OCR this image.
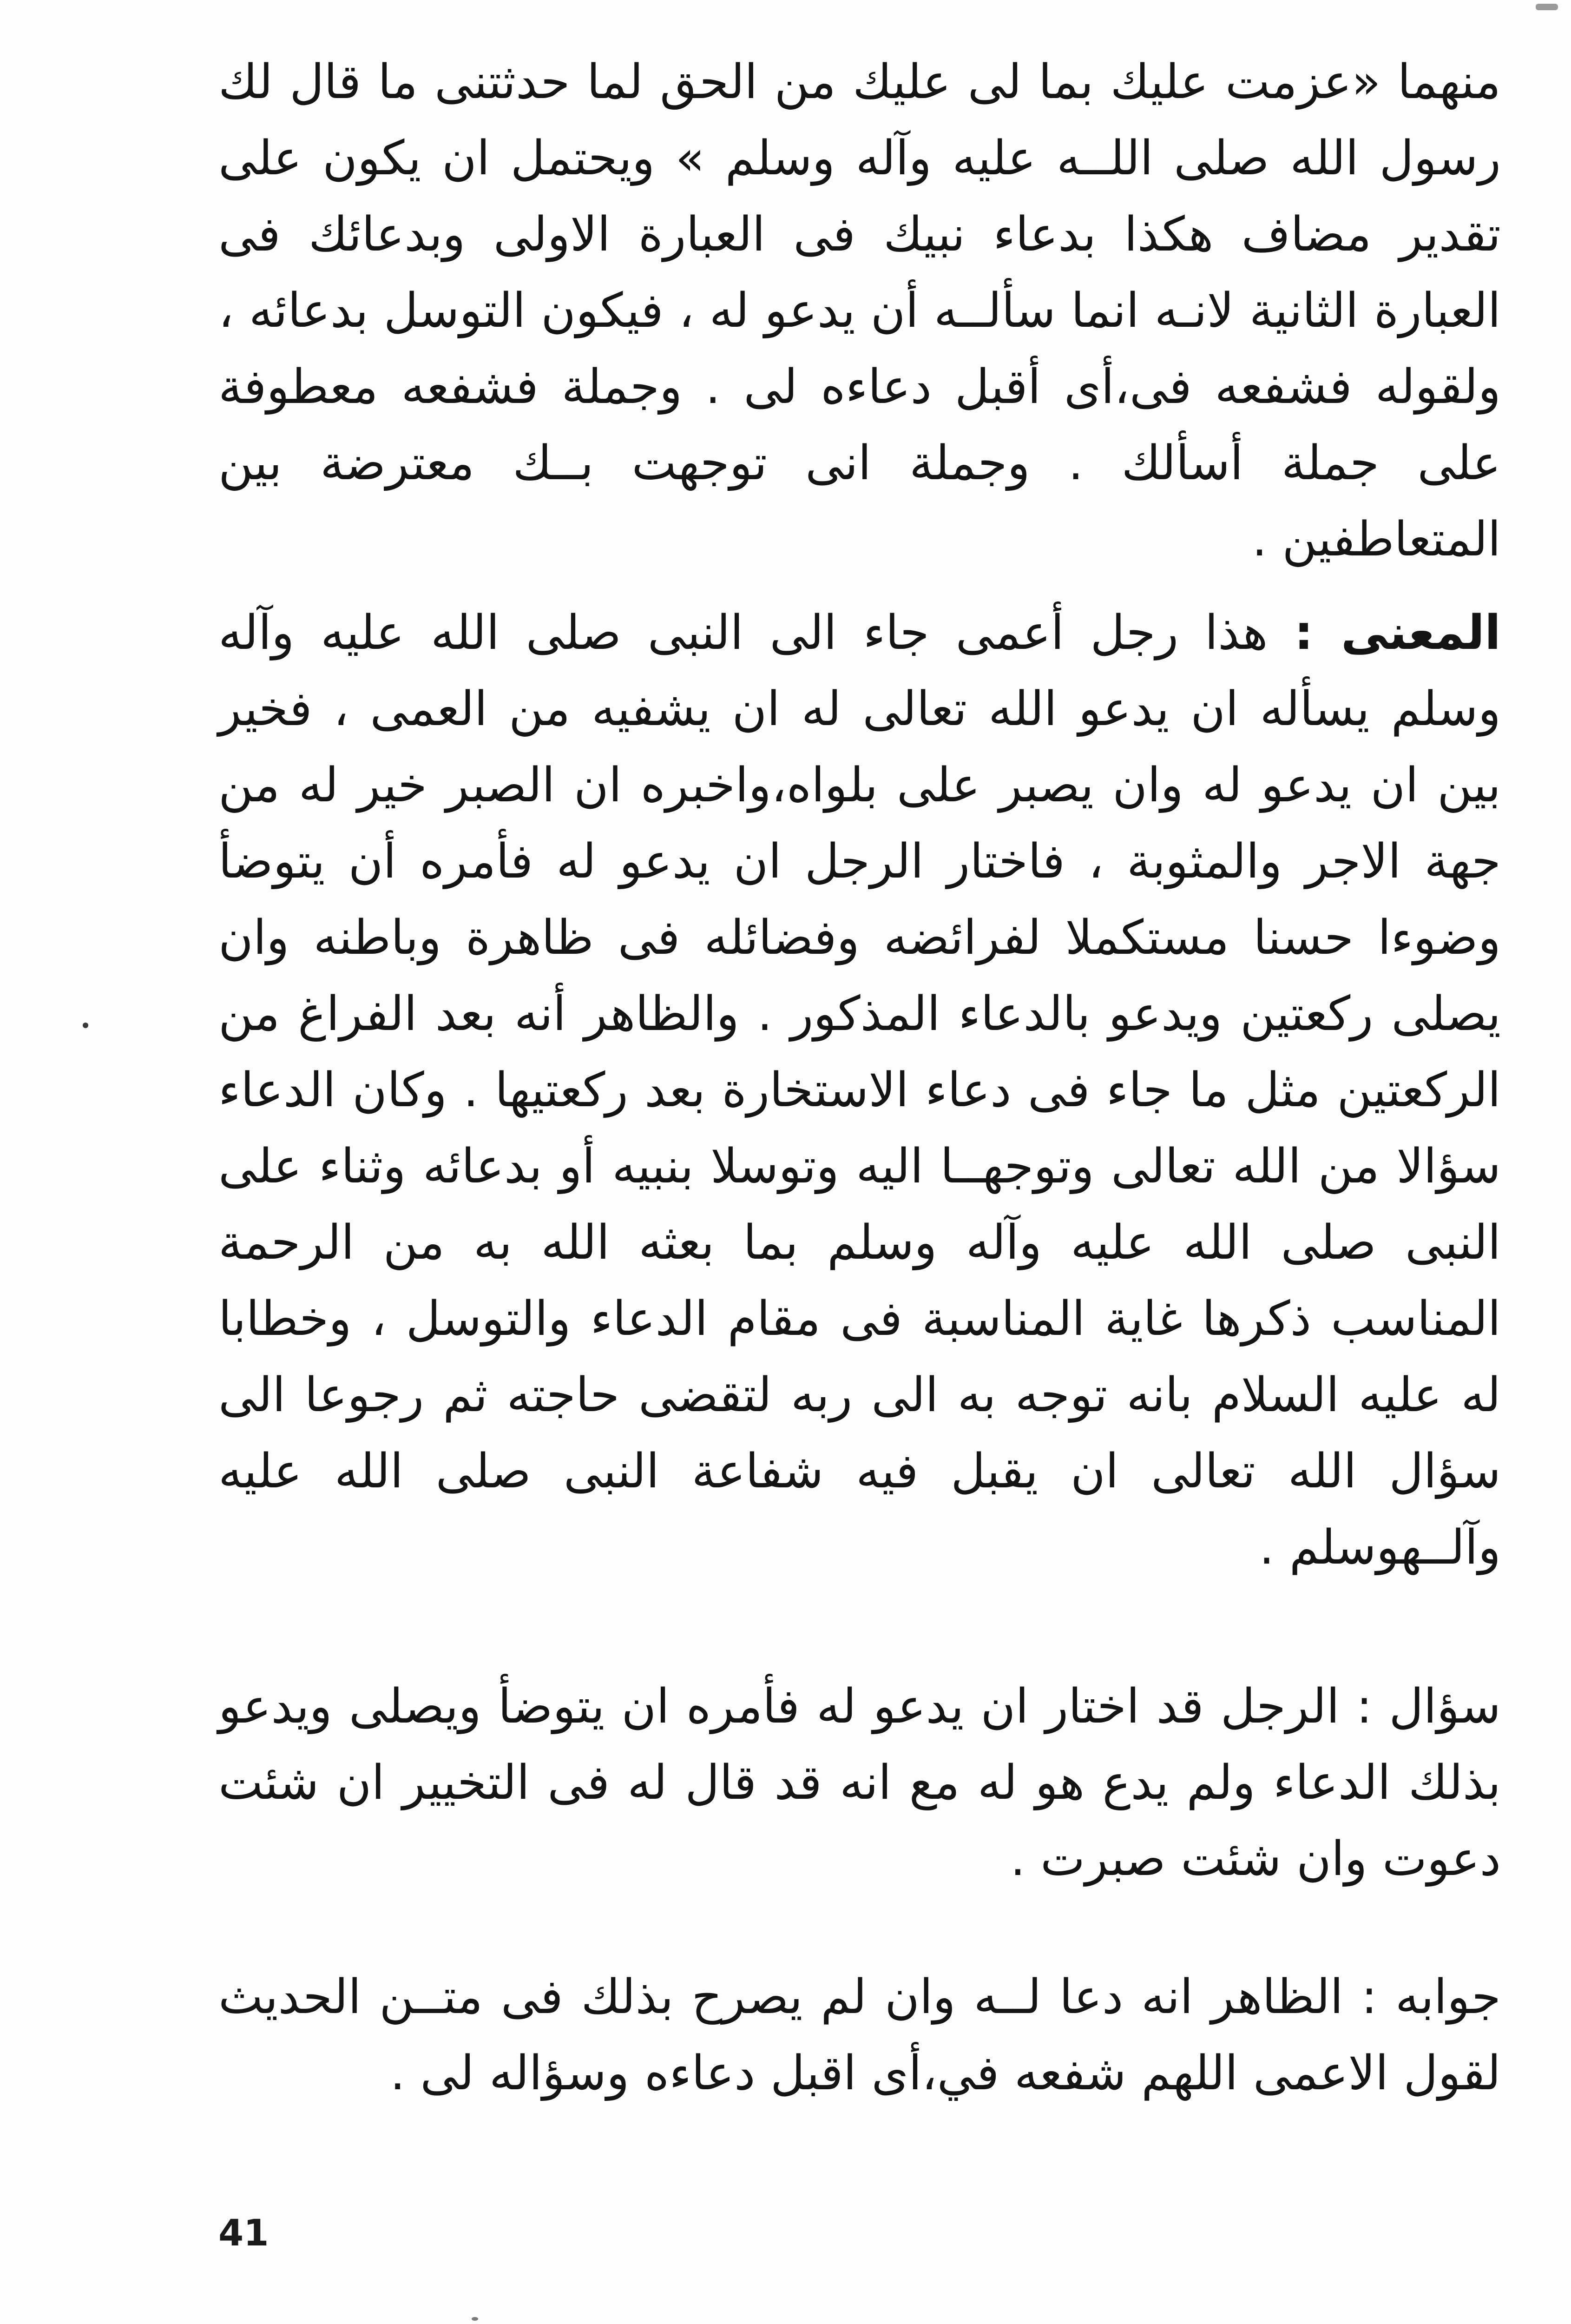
منهما «عزمت عليك بما لى عليك من الحق لما حدثتنى ما قال لك رسول الله صلى اللــه عليه وآله وسلم » ويحتمل ان يكون على تقدير مضاف هكذا بدعاء نبيك فى العبارة الاولى وبدعائك فى العبارة الثانية لانـه انما سألــه أن يدعو له ، فيكون التوسل بدعائه ، ولقوله فشفعه فى،أى أقبل دعاءه لى . وجملة فشفعه معطوفة على جملة أسألك . وجملة انى توجهت بــك معترضة بين المتعاطفين .

المعنى : هذا رجل أعمى جاء الى النبى صلى الله عليه وآله وسلم يسأله ان يدعو الله تعالى له ان يشفيه من العمى ، فخير بين ان يدعو له وان يصبر على بلواه،واخبره ان الصبر خير له من جهة الاجر والمثوبة ، فاختار الرجل ان يدعو له فأمره أن يتوضأ وضوءا حسنا مستكملا لفرائضه وفضائله فى ظاهرة وباطنه وان يصلى ركعتين ويدعو بالدعاء المذكور . والظاهر أنه بعد الفراغ من الركعتين مثل ما جاء فى دعاء الاستخارة بعد ركعتيها . وكان الدعاء سؤالا من الله تعالى وتوجهــا اليه وتوسلا بنبيه أو بدعائه وثناء على النبى صلى الله عليه وآله وسلم بما بعثه الله به من الرحمة المناسب ذكرها غاية المناسبة فى مقام الدعاء والتوسل ، وخطابا له عليه السلام بانه توجه به الى ربه لتقضى حاجته ثم رجوعا الى سؤال الله تعالى ان يقبل فيه شفاعة النبى صلى الله عليه وآلــهوسلم .

سؤال : الرجل قد اختار ان يدعو له فأمره ان يتوضأ ويصلى ويدعو بذلك الدعاء ولم يدع هو له مع انه قد قال له فى التخيير ان شئت دعوت وان شئت صبرت .

جوابه : الظاهر انه دعا لــه وان لم يصرح بذلك فى متــن الحديث لقول الاعمى اللهم شفعه في،أى اقبل دعاءه وسؤاله لى .

41
